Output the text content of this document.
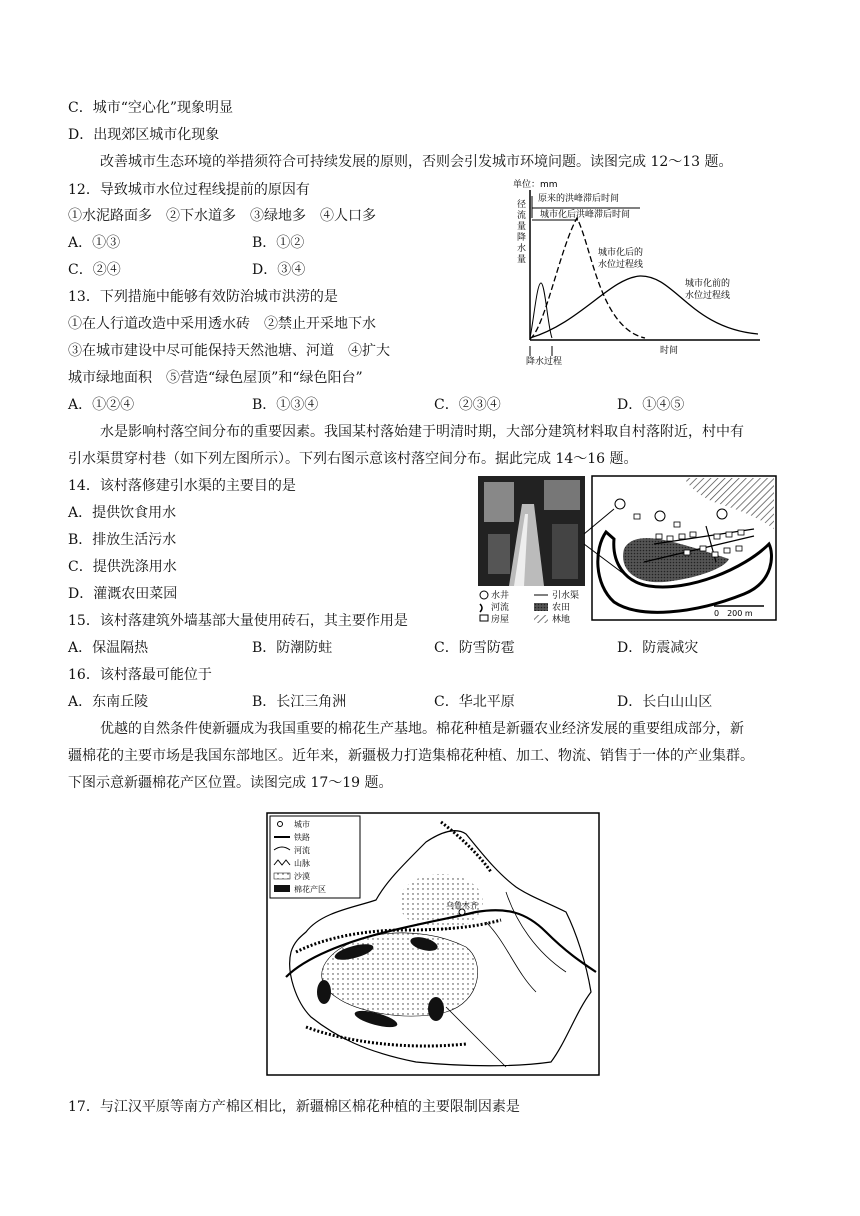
C．城市“空心化”现象明显
D．出现郊区城市化现象
改善城市生态环境的举措须符合可持续发展的原则，否则会引发城市环境问题。读图完成 12～13 题。
12．导致城市水位过程线提前的原因有
①水泥路面多　②下水道多　③绿地多　④人口多
A．①③	B．①②
C．②④	D．③④
13．下列措施中能够有效防治城市洪涝的是
①在人行道改造中采用透水砖　②禁止开采地下水
③在城市建设中尽可能保持天然池塘、河道　④扩大
城市绿地面积　⑤营造“绿色屋顶”和“绿色阳台”
A．①②④	B．①③④	C．②③④	D．①④⑤
单位：mm
径
流
量
降
水
量
原来的洪峰滞后时间
城市化后洪峰滞后时间
城市化后的
水位过程线
城市化前的
水位过程线
时间
降水过程
水是影响村落空间分布的重要因素。我国某村落始建于明清时期，大部分建筑材料取自村落附近，村中有
引水渠贯穿村巷（如下列左图所示）。下列右图示意该村落空间分布。据此完成 14～16 题。
14．该村落修建引水渠的主要目的是
A．提供饮食用水
B．排放生活污水
C．提供洗涤用水
D．灌溉农田菜园
15．该村落建筑外墙基部大量使用砖石，其主要作用是
A．保温隔热	B．防潮防蛀	C．防雪防雹	D．防震减灾
16．该村落最可能位于
A．东南丘陵	B．长江三角洲	C．华北平原	D．长白山山区
0　200 m
水井	引水渠
河流	农田
房屋	林地
优越的自然条件使新疆成为我国重要的棉花生产基地。棉花种植是新疆农业经济发展的重要组成部分，新
疆棉花的主要市场是我国东部地区。近年来，新疆极力打造集棉花种植、加工、物流、销售于一体的产业集群。
下图示意新疆棉花产区位置。读图完成 17～19 题。
乌鲁木齐
城市
铁路
河流
山脉
沙漠
棉花产区
17．与江汉平原等南方产棉区相比，新疆棉区棉花种植的主要限制因素是
